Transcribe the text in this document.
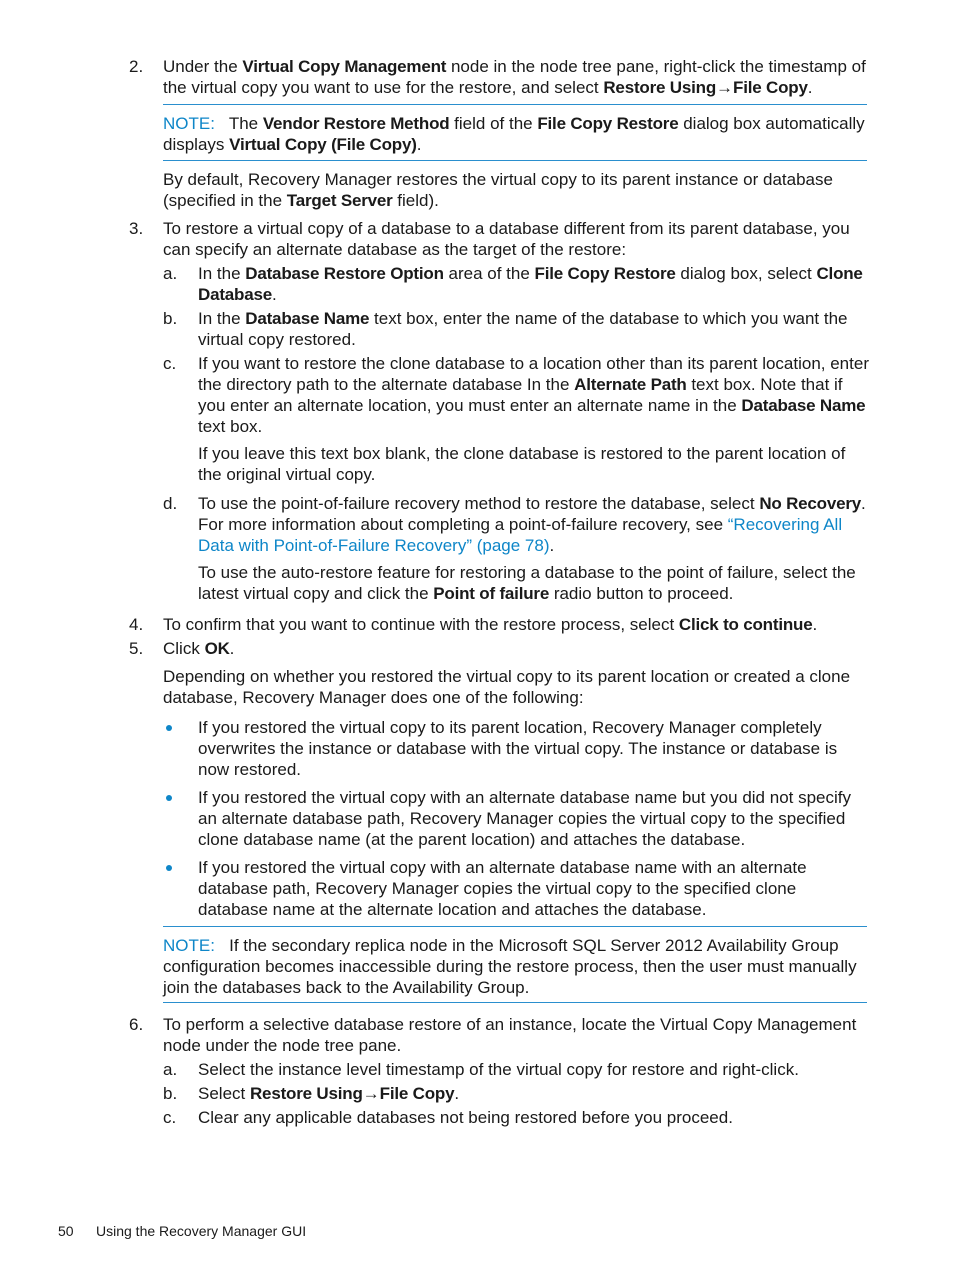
2. Under the Virtual Copy Management node in the node tree pane, right-click the timestamp of the virtual copy you want to use for the restore, and select Restore Using→File Copy.

NOTE:   The Vendor Restore Method field of the File Copy Restore dialog box automatically displays Virtual Copy (File Copy).

By default, Recovery Manager restores the virtual copy to its parent instance or database (specified in the Target Server field).

3. To restore a virtual copy of a database to a database different from its parent database, you can specify an alternate database as the target of the restore:

a. In the Database Restore Option area of the File Copy Restore dialog box, select Clone Database.

b. In the Database Name text box, enter the name of the database to which you want the virtual copy restored.

c. If you want to restore the clone database to a location other than its parent location, enter the directory path to the alternate database In the Alternate Path text box. Note that if you enter an alternate location, you must enter an alternate name in the Database Name text box.

If you leave this text box blank, the clone database is restored to the parent location of the original virtual copy.

d. To use the point-of-failure recovery method to restore the database, select No Recovery. For more information about completing a point-of-failure recovery, see “Recovering All Data with Point-of-Failure Recovery” (page 78).

To use the auto-restore feature for restoring a database to the point of failure, select the latest virtual copy and click the Point of failure radio button to proceed.

4. To confirm that you want to continue with the restore process, select Click to continue.

5. Click OK.

Depending on whether you restored the virtual copy to its parent location or created a clone database, Recovery Manager does one of the following:

If you restored the virtual copy to its parent location, Recovery Manager completely overwrites the instance or database with the virtual copy. The instance or database is now restored.

If you restored the virtual copy with an alternate database name but you did not specify an alternate database path, Recovery Manager copies the virtual copy to the specified clone database name (at the parent location) and attaches the database.

If you restored the virtual copy with an alternate database name with an alternate database path, Recovery Manager copies the virtual copy to the specified clone database name at the alternate location and attaches the database.

NOTE:   If the secondary replica node in the Microsoft SQL Server 2012 Availability Group configuration becomes inaccessible during the restore process, then the user must manually join the databases back to the Availability Group.

6. To perform a selective database restore of an instance, locate the Virtual Copy Management node under the node tree pane.

a. Select the instance level timestamp of the virtual copy for restore and right-click.

b. Select Restore Using→File Copy.

c. Clear any applicable databases not being restored before you proceed.

50 Using the Recovery Manager GUI
